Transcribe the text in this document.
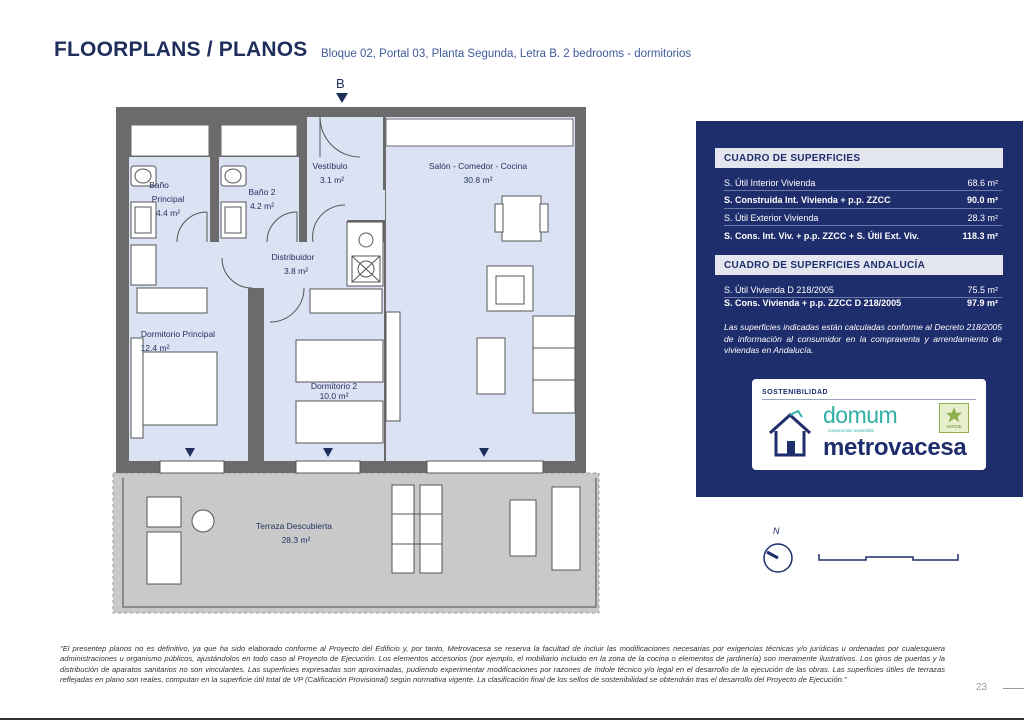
FLOORPLANS / PLANOS Bloque 02, Portal 03, Planta Segunda, Letra B. 2 bedrooms - dormitorios
B
Baño
Principal
4.4 m²
Baño 2
4.2 m²
Vestíbulo
3.1 m²
Salón - Comedor - Cocina
30.8 m²
Distribuidor
3.8 m²
Dormitorio Principal
12.4 m²
Dormitorio 2
10.0 m²
Terraza Descubierta
28.3 m²
CUADRO DE SUPERFICIES
S. Útil Interior Vivienda	68.6 m²
S. Construida Int. Vivienda + p.p. ZZCC	90.0 m²
S. Útil Exterior Vivienda	28.3 m²
S. Cons. Int. Viv. + p.p. ZZCC + S. Útil Ext. Viv.	118.3 m²
CUADRO DE SUPERFICIES ANDALUCÍA
S. Útil Vivienda D 218/2005	75.5 m²
S. Cons. Vivienda + p.p. ZZCC D 218/2005	97.9 m²
Las superficies indicadas están calculadas conforme al Decreto 218/2005 de información al consumidor en la compraventa y arrendamiento de viviendas en Andalucía.
SOSTENIBILIDAD
domum
compromiso sostenible
metrovacesa
VERDE
N
"El presentep planos no es definitivo, ya que ha sido elaborado conforme al Proyecto del Edificio y, por tanto, Metrovacesa se reserva la facultad de incluir las modificaciones necesarias por exigencias técnicas y/o jurídicas u ordenadas por cualesquiera administraciones u organismo públicos, ajustándolos en todo caso al Proyecto de Ejecución. Los elementos accesorios (por ejemplo, el mobiliario incluido en la zona de la cocina o elementos de jardinería) son meramente ilustrativos. Los giros de puertas y la distribución de aparatos sanitarios no son vinculantes. Las superficies expresadas son aproximadas, pudiendo experimentar modificaciones por razones de índole técnico y/o legal en el desarrollo de la ejecución de las obras. Las superficies útiles de terrazas reflejadas en plano son reales, computan en la superficie útil total de VP (Calificación Provisional) según normativa vigente. La clasificación final de los sellos de sostenibilidad se obtendrán tras el desarrollo del Proyecto de Ejecución."
23
